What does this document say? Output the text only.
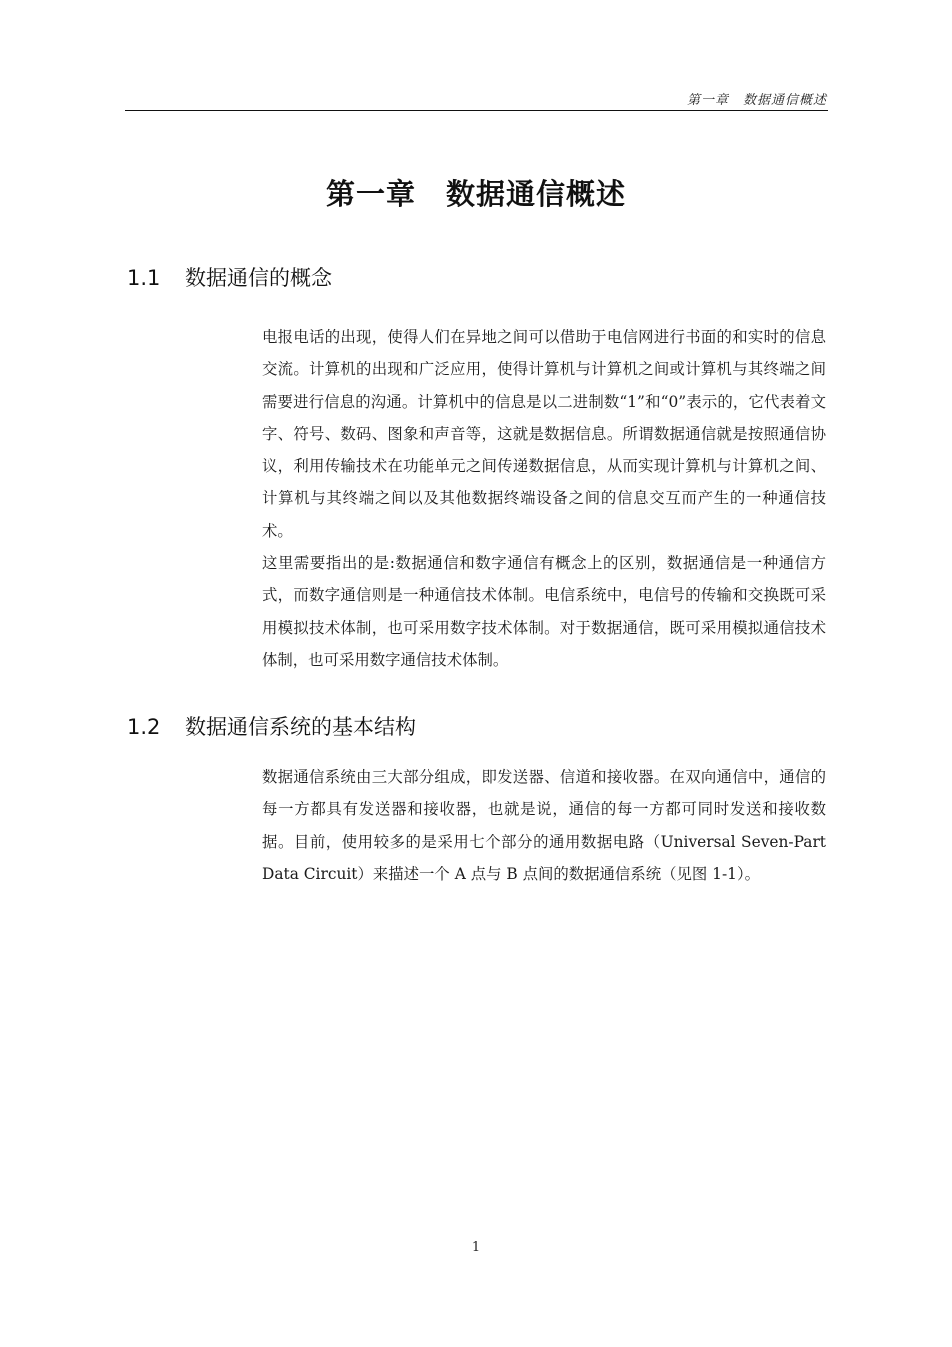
第一章　数据通信概述
第一章 数据通信概述
1.1 数据通信的概念

电报电话的出现，使得人们在异地之间可以借助于电信网进行书面的和实时的信息交流。计算机的出现和广泛应用，使得计算机与计算机之间或计算机与其终端之间需要进行信息的沟通。计算机中的信息是以二进制数“1”和“0”表示的，它代表着文字、符号、数码、图象和声音等，这就是数据信息。所谓数据通信就是按照通信协议，利用传输技术在功能单元之间传递数据信息，从而实现计算机与计算机之间、计算机与其终端之间以及其他数据终端设备之间的信息交互而产生的一种通信技术。

这里需要指出的是:数据通信和数字通信有概念上的区别，数据通信是一种通信方式，而数字通信则是一种通信技术体制。电信系统中，电信号的传输和交换既可采用模拟技术体制，也可采用数字技术体制。对于数据通信，既可采用模拟通信技术体制，也可采用数字通信技术体制。

1.2 数据通信系统的基本结构

数据通信系统由三大部分组成，即发送器、信道和接收器。在双向通信中，通信的每一方都具有发送器和接收器，也就是说，通信的每一方都可同时发送和接收数据。目前，使用较多的是采用七个部分的通用数据电路（Universal Seven-Part Data Circuit）来描述一个 A 点与 B 点间的数据通信系统（见图 1-1）。

1
